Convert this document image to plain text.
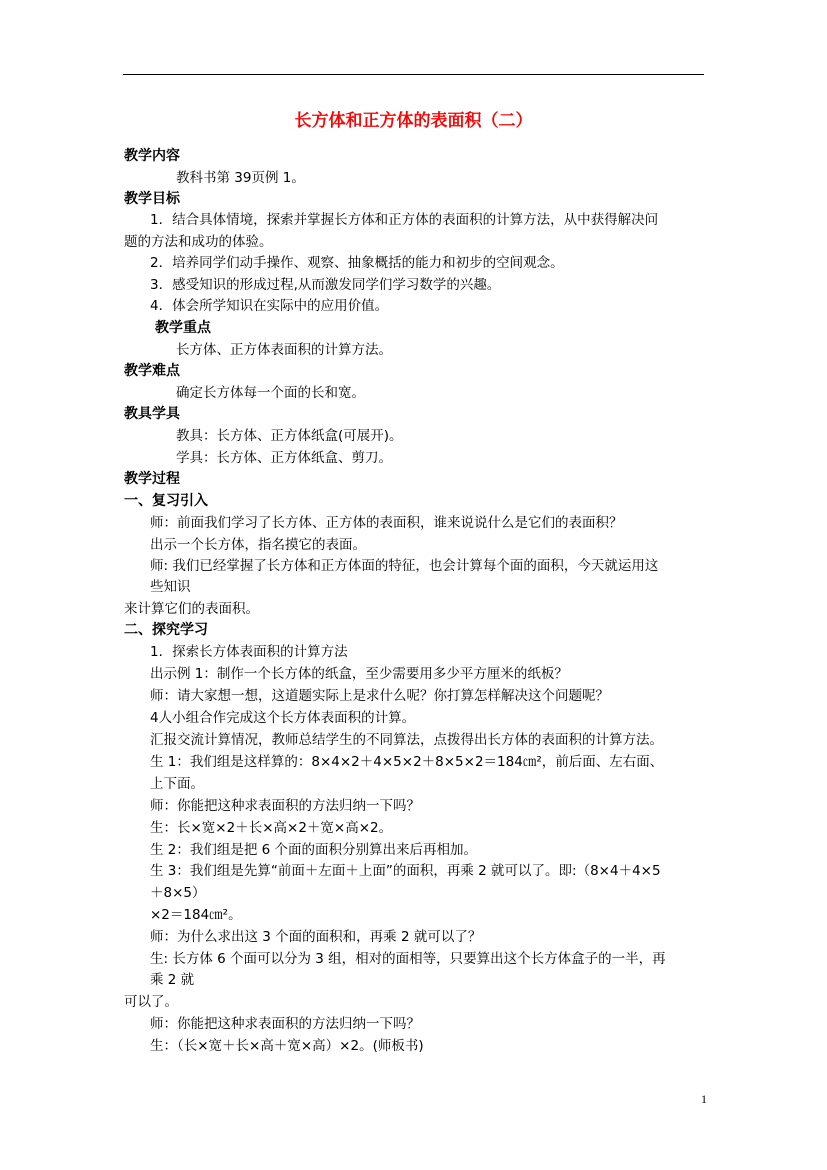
长方体和正方体的表面积（二）
教学内容
教科书第 39页例 1。
教学目标
1．结合具体情境，探索并掌握长方体和正方体的表面积的计算方法，从中获得解决问
题的方法和成功的体验。
2．培养同学们动手操作、观察、抽象概括的能力和初步的空间观念。
3．感受知识的形成过程,从而激发同学们学习数学的兴趣。
4．体会所学知识在实际中的应用价值。
教学重点
长方体、正方体表面积的计算方法。
教学难点
确定长方体每一个面的长和宽。
教具学具
教具：长方体、正方体纸盒(可展开)。
学具：长方体、正方体纸盒、剪刀。
教学过程
一、复习引入
师：前面我们学习了长方体、正方体的表面积，谁来说说什么是它们的表面积？
出示一个长方体，指名摸它的表面。
师: 我们已经掌握了长方体和正方体面的特征，也会计算每个面的面积，今天就运用这
些知识
来计算它们的表面积。
二、探究学习
1．探索长方体表面积的计算方法
出示例 1：制作一个长方体的纸盒，至少需要用多少平方厘米的纸板？
师：请大家想一想，这道题实际上是求什么呢？你打算怎样解决这个问题呢？
4人小组合作完成这个长方体表面积的计算。
汇报交流计算情况，教师总结学生的不同算法，点拨得出长方体的表面积的计算方法。
生 1：我们组是这样算的：8×4×2＋4×5×2＋8×5×2＝184㎝²，前后面、左右面、
上下面。
师：你能把这种求表面积的方法归纳一下吗？
生：长×宽×2＋长×高×2＋宽×高×2。
生 2：我们组是把 6 个面的面积分别算出来后再相加。
生 3：我们组是先算“前面＋左面＋上面”的面积，再乘 2 就可以了。即:（8×4＋4×5
＋8×5）
×2＝184㎝²。
师：为什么求出这 3 个面的面积和，再乘 2 就可以了？
生: 长方体 6 个面可以分为 3 组，相对的面相等，只要算出这个长方体盒子的一半，再
乘 2 就
可以了。
师：你能把这种求表面积的方法归纳一下吗？
生：（长×宽＋长×高＋宽×高）×2。(师板书)
1
